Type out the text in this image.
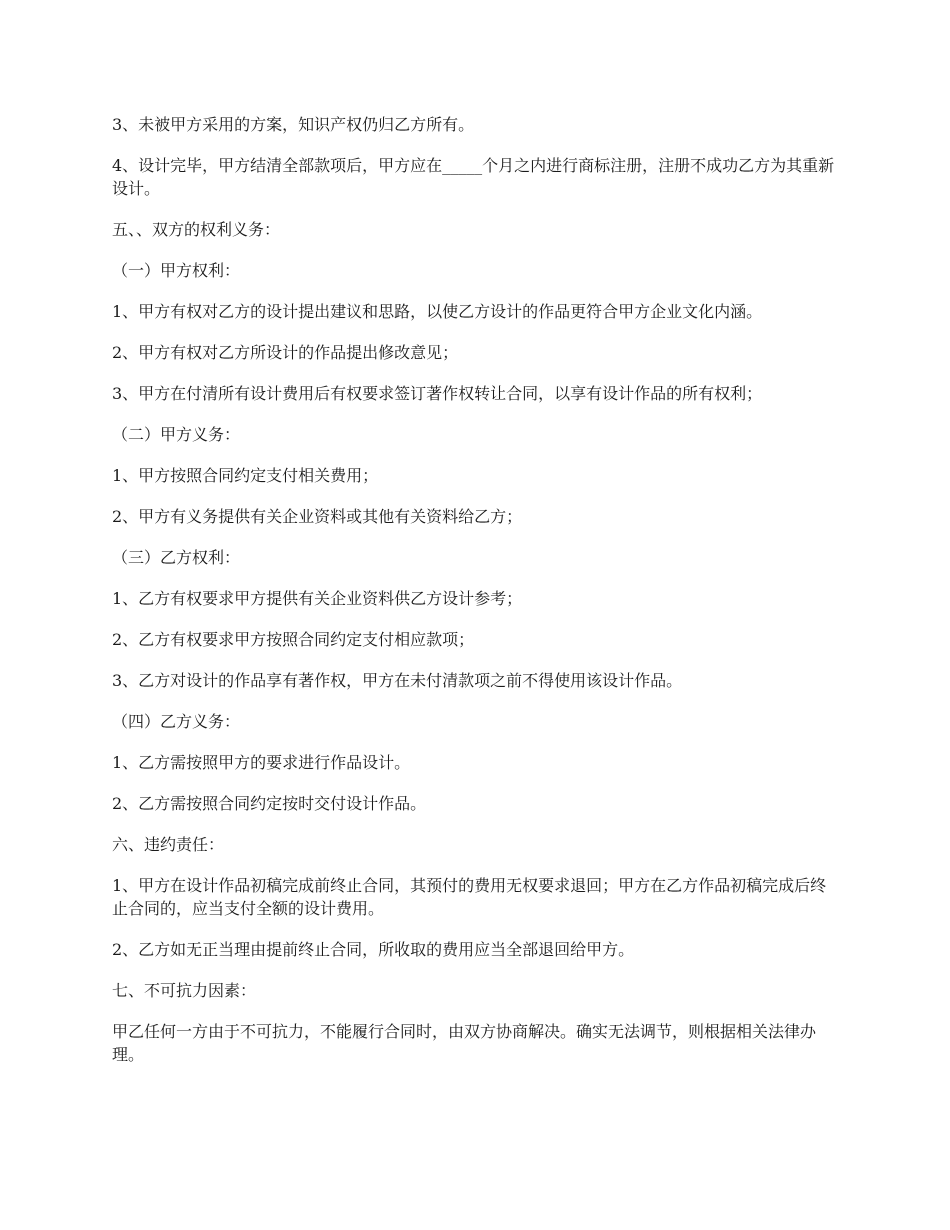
3、未被甲方采用的方案，知识产权仍归乙方所有。

4、设计完毕，甲方结清全部款项后，甲方应在_____个月之内进行商标注册，注册不成功乙方为其重新设计。

五、、双方的权利义务：

（一）甲方权利：

1、甲方有权对乙方的设计提出建议和思路，以使乙方设计的作品更符合甲方企业文化内涵。

2、甲方有权对乙方所设计的作品提出修改意见；

3、甲方在付清所有设计费用后有权要求签订著作权转让合同，以享有设计作品的所有权利；

（二）甲方义务：

1、甲方按照合同约定支付相关费用；

2、甲方有义务提供有关企业资料或其他有关资料给乙方；

（三）乙方权利：

1、乙方有权要求甲方提供有关企业资料供乙方设计参考；

2、乙方有权要求甲方按照合同约定支付相应款项；

3、乙方对设计的作品享有著作权，甲方在未付清款项之前不得使用该设计作品。

（四）乙方义务：

1、乙方需按照甲方的要求进行作品设计。

2、乙方需按照合同约定按时交付设计作品。

六、违约责任：

1、甲方在设计作品初稿完成前终止合同，其预付的费用无权要求退回；甲方在乙方作品初稿完成后终止合同的，应当支付全额的设计费用。

2、乙方如无正当理由提前终止合同，所收取的费用应当全部退回给甲方。

七、不可抗力因素：

甲乙任何一方由于不可抗力，不能履行合同时，由双方协商解决。确实无法调节，则根据相关法律办理。
